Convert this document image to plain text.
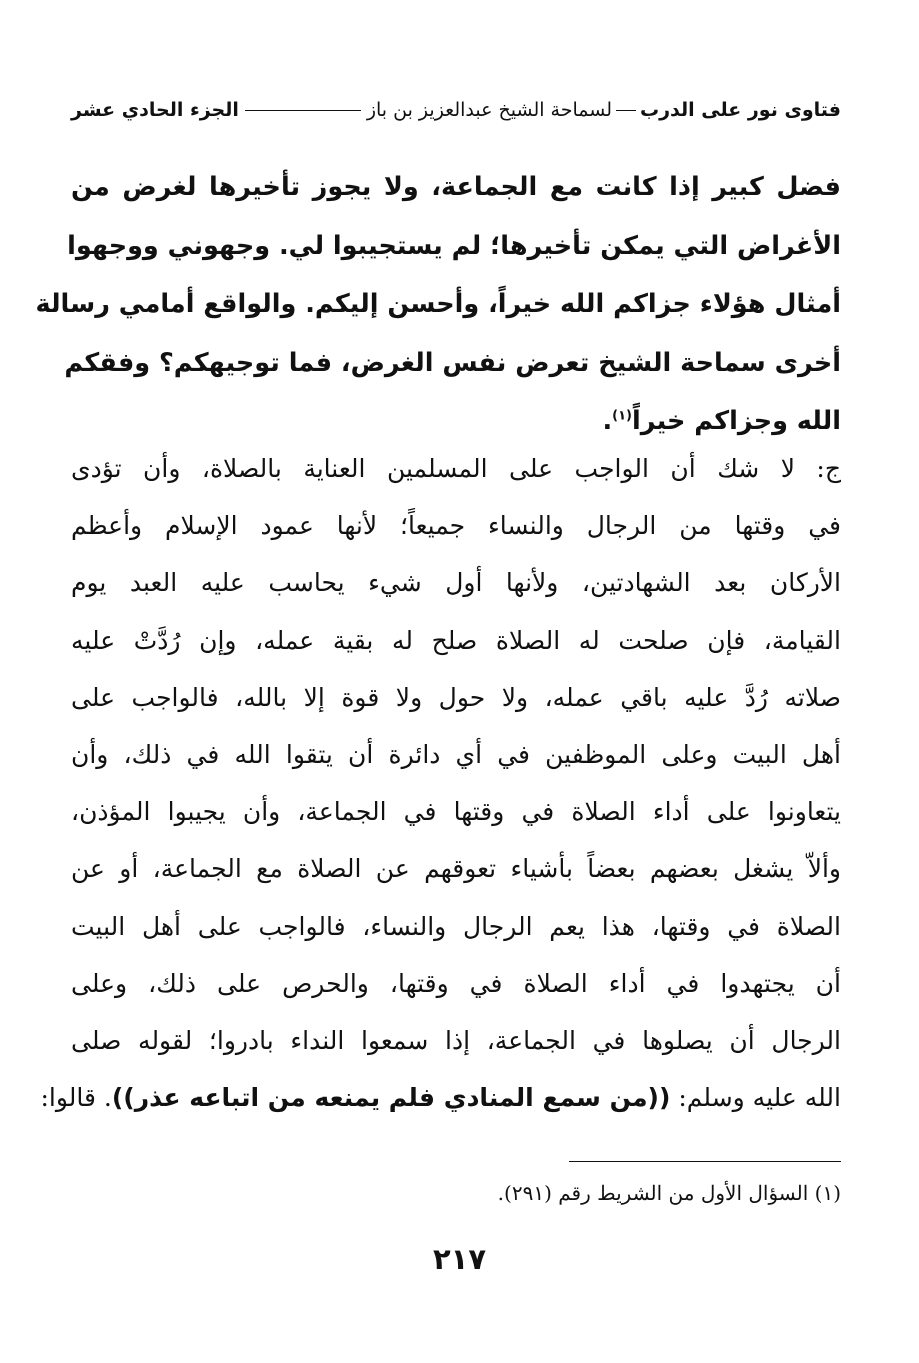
فتاوى نور على الدرب
لسماحة الشيخ عبدالعزيز بن باز
الجزء الحادي عشر
فضل كبير إذا كانت مع الجماعة، ولا يجوز تأخيرها لغرض من
الأغراض التي يمكن تأخيرها؛ لم يستجيبوا لي. وجهوني ووجهوا
أمثال هؤلاء جزاكم الله خيراً، وأحسن إليكم. والواقع أمامي رسالة
أخرى سماحة الشيخ تعرض نفس الغرض، فما توجيهكم؟ وفقكم
الله وجزاكم خيراً$^{(١)}$.
ج: لا شك أن الواجب على المسلمين العناية بالصلاة، وأن تؤدى
في وقتها من الرجال والنساء جميعاً؛ لأنها عمود الإسلام وأعظم
الأركان بعد الشهادتين، ولأنها أول شيء يحاسب عليه العبد يوم
القيامة، فإن صلحت له الصلاة صلح له بقية عمله، وإن رُدَّتْ عليه
صلاته رُدَّ عليه باقي عمله، ولا حول ولا قوة إلا بالله، فالواجب على
أهل البيت وعلى الموظفين في أي دائرة أن يتقوا الله في ذلك، وأن
يتعاونوا على أداء الصلاة في وقتها في الجماعة، وأن يجيبوا المؤذن،
وألاّ يشغل بعضهم بعضاً بأشياء تعوقهم عن الصلاة مع الجماعة، أو عن
الصلاة في وقتها، هذا يعم الرجال والنساء، فالواجب على أهل البيت
أن يجتهدوا في أداء الصلاة في وقتها، والحرص على ذلك، وعلى
الرجال أن يصلوها في الجماعة، إذا سمعوا النداء بادروا؛ لقوله صلى
الله عليه وسلم: ((من سمع المنادي فلم يمنعه من اتباعه عذر)). قالوا:
(١) السؤال الأول من الشريط رقم (٢٩١).
٢١٧
